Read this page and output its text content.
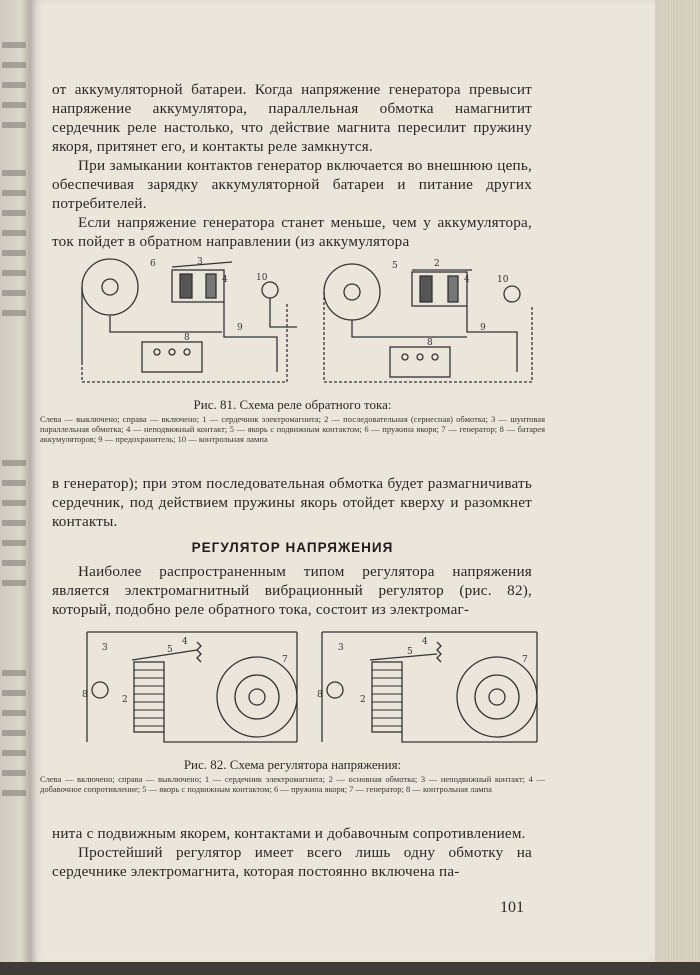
от аккумуляторной батареи. Когда напряжение генератора превысит напряжение аккумулятора, параллельная обмотка намагнитит сердечник реле настолько, что действие магнита пересилит пружину якоря, притянет его, и контакты реле замкнутся.

При замыкании контактов генератор включается во внешнюю цепь, обеспечивая зарядку аккумуляторной батареи и питание других потребителей.

Если напряжение генератора станет меньше, чем у аккумулятора, ток пойдет в обратном направлении (из аккумулятора

6	3
4	10
9
8
5	2
4	10
9
8
Рис. 81. Схема реле обратного тока:
Слева — выключено; справа — включено; 1 — сердечник электромагнита; 2 — последовательная (сериесная) обмотка; 3 — шунтовая параллельная обмотка; 4 — неподвижный контакт; 5 — якорь с подвижным контактом; 6 — пружина якоря; 7 — генератор; 8 — батарея аккумуляторов; 9 — предохранитель; 10 — контрольная лампа

в генератор); при этом последовательная обмотка будет размагничивать сердечник, под действием пружины якорь отойдет кверху и разомкнет контакты.

РЕГУЛЯТОР НАПРЯЖЕНИЯ

Наиболее распространенным типом регулятора напряжения является электромагнитный вибрационный регулятор (рис. 82), который, подобно реле обратного тока, состоит из электромаг-

3
8	2
5
4
7
3
8	2
5
4
7
Рис. 82. Схема регулятора напряжения:
Слева — включено; справа — выключено; 1 — сердечник электромагнита; 2 — основная обмотка; 3 — неподвижный контакт; 4 — добавочное сопротивление; 5 — якорь с подвижным контактом; 6 — пружина якоря; 7 — генератор; 8 — контрольная лампа

нита с подвижным якорем, контактами и добавочным сопротивлением.

Простейший регулятор имеет всего лишь одну обмотку на сердечнике электромагнита, которая постоянно включена па-

101
